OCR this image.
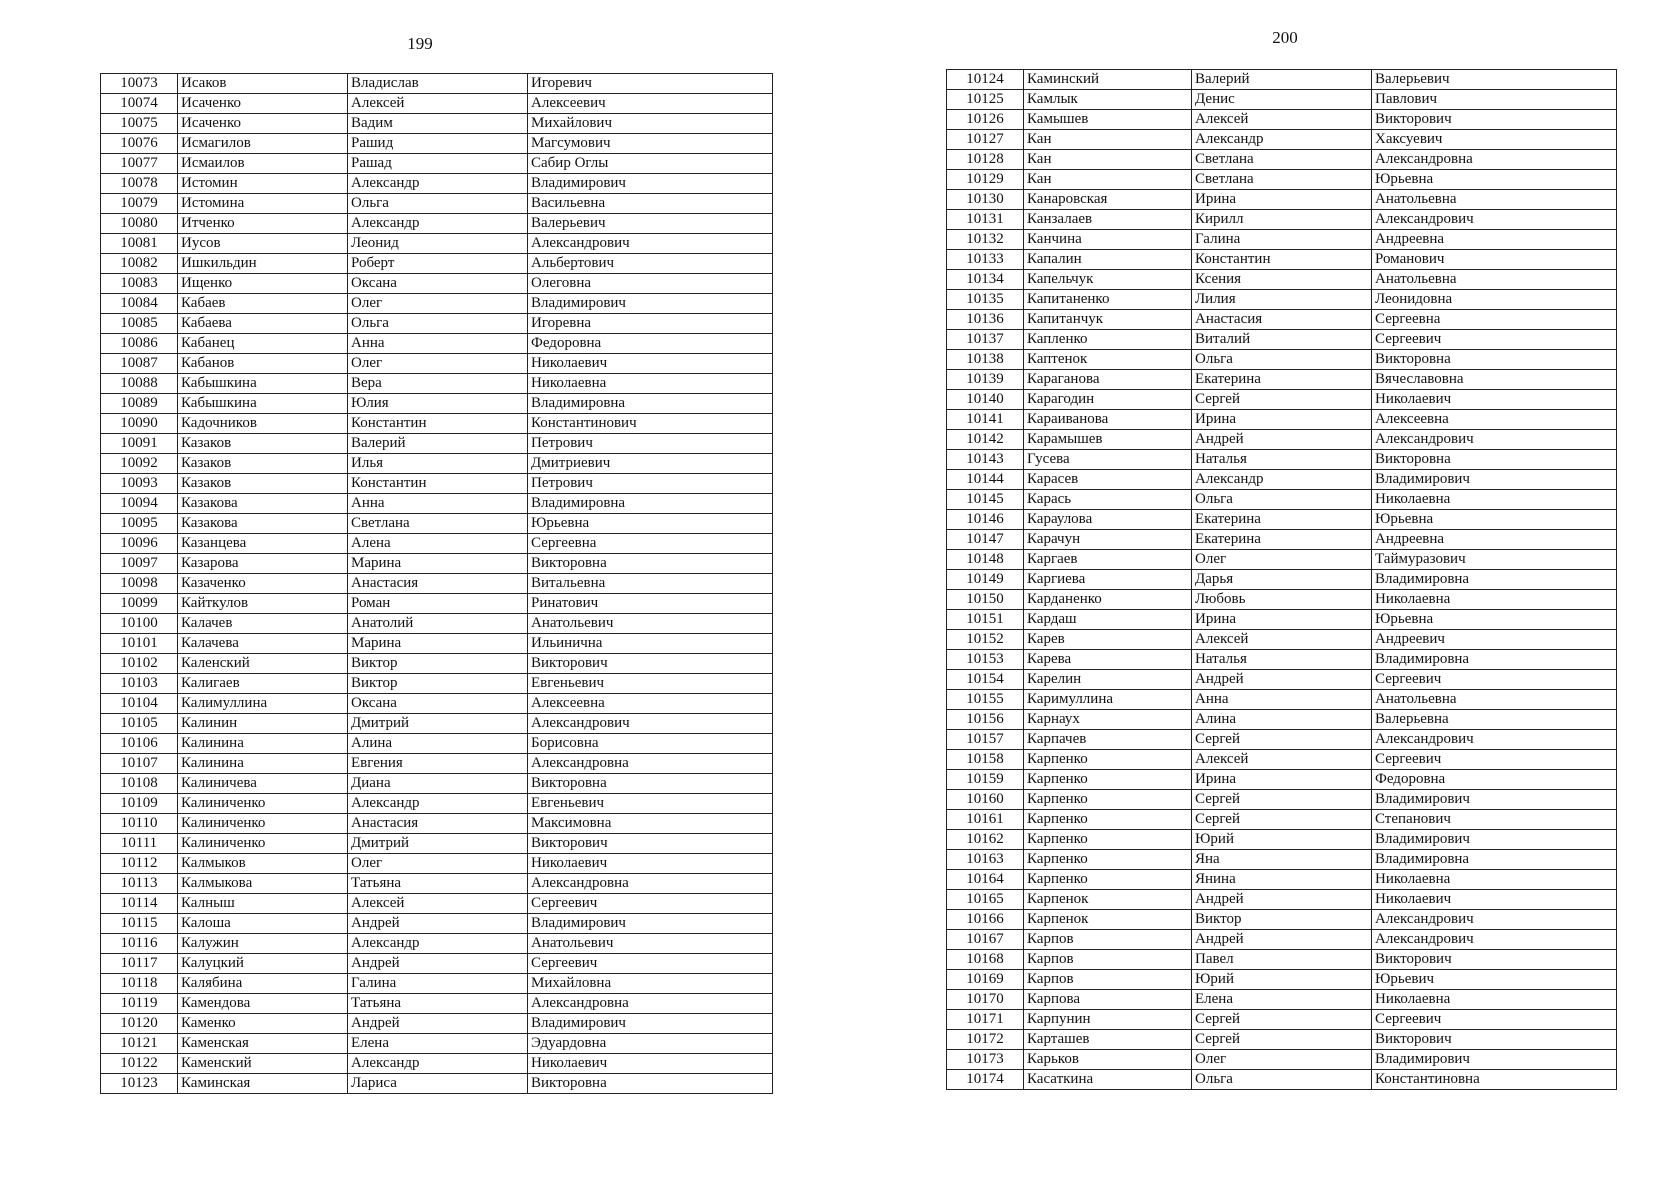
199
10073	Исаков	Владислав	Игоревич
10074	Исаченко	Алексей	Алексеевич
10075	Исаченко	Вадим	Михайлович
10076	Исмагилов	Рашид	Магсумович
10077	Исмаилов	Рашад	Сабир Оглы
10078	Истомин	Александр	Владимирович
10079	Истомина	Ольга	Васильевна
10080	Итченко	Александр	Валерьевич
10081	Иусов	Леонид	Александрович
10082	Ишкильдин	Роберт	Альбертович
10083	Ищенко	Оксана	Олеговна
10084	Кабаев	Олег	Владимирович
10085	Кабаева	Ольга	Игоревна
10086	Кабанец	Анна	Федоровна
10087	Кабанов	Олег	Николаевич
10088	Кабышкина	Вера	Николаевна
10089	Кабышкина	Юлия	Владимировна
10090	Кадочников	Константин	Константинович
10091	Казаков	Валерий	Петрович
10092	Казаков	Илья	Дмитриевич
10093	Казаков	Константин	Петрович
10094	Казакова	Анна	Владимировна
10095	Казакова	Светлана	Юрьевна
10096	Казанцева	Алена	Сергеевна
10097	Казарова	Марина	Викторовна
10098	Казаченко	Анастасия	Витальевна
10099	Кайткулов	Роман	Ринатович
10100	Калачев	Анатолий	Анатольевич
10101	Калачева	Марина	Ильинична
10102	Каленский	Виктор	Викторович
10103	Калигаев	Виктор	Евгеньевич
10104	Калимуллина	Оксана	Алексеевна
10105	Калинин	Дмитрий	Александрович
10106	Калинина	Алина	Борисовна
10107	Калинина	Евгения	Александровна
10108	Калиничева	Диана	Викторовна
10109	Калиниченко	Александр	Евгеньевич
10110	Калиниченко	Анастасия	Максимовна
10111	Калиниченко	Дмитрий	Викторович
10112	Калмыков	Олег	Николаевич
10113	Калмыкова	Татьяна	Александровна
10114	Калныш	Алексей	Сергеевич
10115	Калоша	Андрей	Владимирович
10116	Калужин	Александр	Анатольевич
10117	Калуцкий	Андрей	Сергеевич
10118	Калябина	Галина	Михайловна
10119	Камендова	Татьяна	Александровна
10120	Каменко	Андрей	Владимирович
10121	Каменская	Елена	Эдуардовна
10122	Каменский	Александр	Николаевич
10123	Каминская	Лариса	Викторовна
200
10124	Каминский	Валерий	Валерьевич
10125	Камлык	Денис	Павлович
10126	Камышев	Алексей	Викторович
10127	Кан	Александр	Хаксуевич
10128	Кан	Светлана	Александровна
10129	Кан	Светлана	Юрьевна
10130	Канаровская	Ирина	Анатольевна
10131	Канзалаев	Кирилл	Александрович
10132	Канчина	Галина	Андреевна
10133	Капалин	Константин	Романович
10134	Капельчук	Ксения	Анатольевна
10135	Капитаненко	Лилия	Леонидовна
10136	Капитанчук	Анастасия	Сергеевна
10137	Капленко	Виталий	Сергеевич
10138	Каптенок	Ольга	Викторовна
10139	Караганова	Екатерина	Вячеславовна
10140	Карагодин	Сергей	Николаевич
10141	Караиванова	Ирина	Алексеевна
10142	Карамышев	Андрей	Александрович
10143	Гусева	Наталья	Викторовна
10144	Карасев	Александр	Владимирович
10145	Карась	Ольга	Николаевна
10146	Караулова	Екатерина	Юрьевна
10147	Карачун	Екатерина	Андреевна
10148	Каргаев	Олег	Таймуразович
10149	Каргиева	Дарья	Владимировна
10150	Карданенко	Любовь	Николаевна
10151	Кардаш	Ирина	Юрьевна
10152	Карев	Алексей	Андреевич
10153	Карева	Наталья	Владимировна
10154	Карелин	Андрей	Сергеевич
10155	Каримуллина	Анна	Анатольевна
10156	Карнаух	Алина	Валерьевна
10157	Карпачев	Сергей	Александрович
10158	Карпенко	Алексей	Сергеевич
10159	Карпенко	Ирина	Федоровна
10160	Карпенко	Сергей	Владимирович
10161	Карпенко	Сергей	Степанович
10162	Карпенко	Юрий	Владимирович
10163	Карпенко	Яна	Владимировна
10164	Карпенко	Янина	Николаевна
10165	Карпенок	Андрей	Николаевич
10166	Карпенок	Виктор	Александрович
10167	Карпов	Андрей	Александрович
10168	Карпов	Павел	Викторович
10169	Карпов	Юрий	Юрьевич
10170	Карпова	Елена	Николаевна
10171	Карпунин	Сергей	Сергеевич
10172	Карташев	Сергей	Викторович
10173	Карьков	Олег	Владимирович
10174	Касаткина	Ольга	Константиновна
